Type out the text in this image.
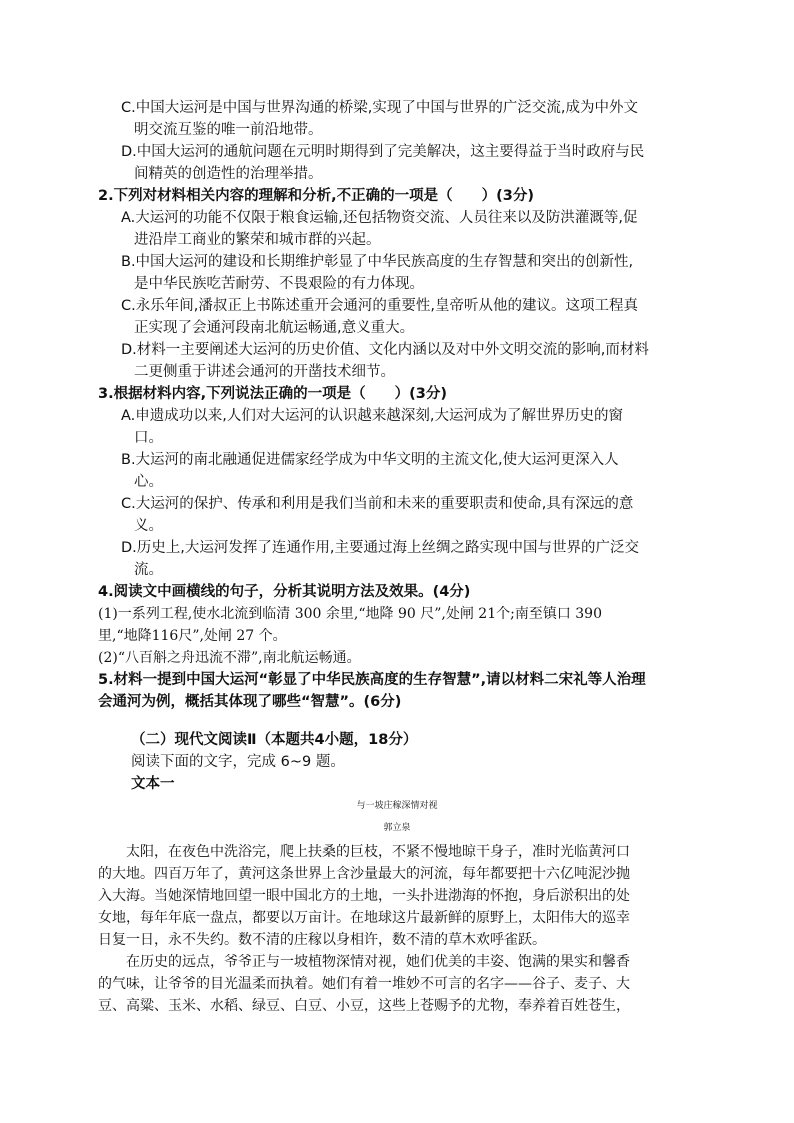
C.中国大运河是中国与世界沟通的桥梁,实现了中国与世界的广泛交流,成为中外文
明交流互鉴的唯一前沿地带。
D.中国大运河的通航问题在元明时期得到了完美解决，这主要得益于当时政府与民
间精英的创造性的治理举措。
2.下列对材料相关内容的理解和分析,不正确的一项是（　　）(3分)
A.大运河的功能不仅限于粮食运输,还包括物资交流、人员往来以及防洪灌溉等,促
进沿岸工商业的繁荣和城市群的兴起。
B.中国大运河的建设和长期维护彰显了中华民族高度的生存智慧和突出的创新性,
是中华民族吃苦耐劳、不畏艰险的有力体现。
C.永乐年间,潘叔正上书陈述重开会通河的重要性,皇帝听从他的建议。这项工程真
正实现了会通河段南北航运畅通,意义重大。
D.材料一主要阐述大运河的历史价值、文化内涵以及对中外文明交流的影响,而材料
二更侧重于讲述会通河的开凿技术细节。
3.根据材料内容,下列说法正确的一项是（　　）(3分)
A.申遗成功以来,人们对大运河的认识越来越深刻,大运河成为了解世界历史的窗
口。
B.大运河的南北融通促进儒家经学成为中华文明的主流文化,使大运河更深入人
心。
C.大运河的保护、传承和利用是我们当前和未来的重要职责和使命,具有深远的意
义。
D.历史上,大运河发挥了连通作用,主要通过海上丝绸之路实现中国与世界的广泛交
流。
4.阅读文中画横线的句子，分析其说明方法及效果。(4分)
(1)一系列工程,使水北流到临清 300 余里,“地降 90 尺”,处闸 21个;南至镇口 390
里,“地降116尺”,处闸 27 个。
(2)“八百斛之舟迅流不滞”,南北航运畅通。
5.材料一提到中国大运河“彰显了中华民族高度的生存智慧”,请以材料二宋礼等人治理
会通河为例，概括其体现了哪些“智慧”。(6分)
（二）现代文阅读Ⅱ（本题共4小题，18分）
阅读下面的文字，完成 6~9 题。
文本一
与一坡庄稼深情对视
郭立泉
太阳，在夜色中洗浴完，爬上扶桑的巨枝，不紧不慢地晾干身子，准时光临黄河口
的大地。四百万年了，黄河这条世界上含沙量最大的河流，每年都要把十六亿吨泥沙抛
入大海。当她深情地回望一眼中国北方的土地，一头扑进渤海的怀抱，身后淤积出的处
女地，每年年底一盘点，都要以万亩计。在地球这片最新鲜的原野上，太阳伟大的巡幸
日复一日，永不失约。数不清的庄稼以身相许，数不清的草木欢呼雀跃。
在历史的远点，爷爷正与一坡植物深情对视，她们优美的丰姿、饱满的果实和馨香
的气味，让爷爷的目光温柔而执着。她们有着一堆妙不可言的名字——谷子、麦子、大
豆、高粱、玉米、水稻、绿豆、白豆、小豆，这些上苍赐予的尤物，奉养着百姓苍生，
